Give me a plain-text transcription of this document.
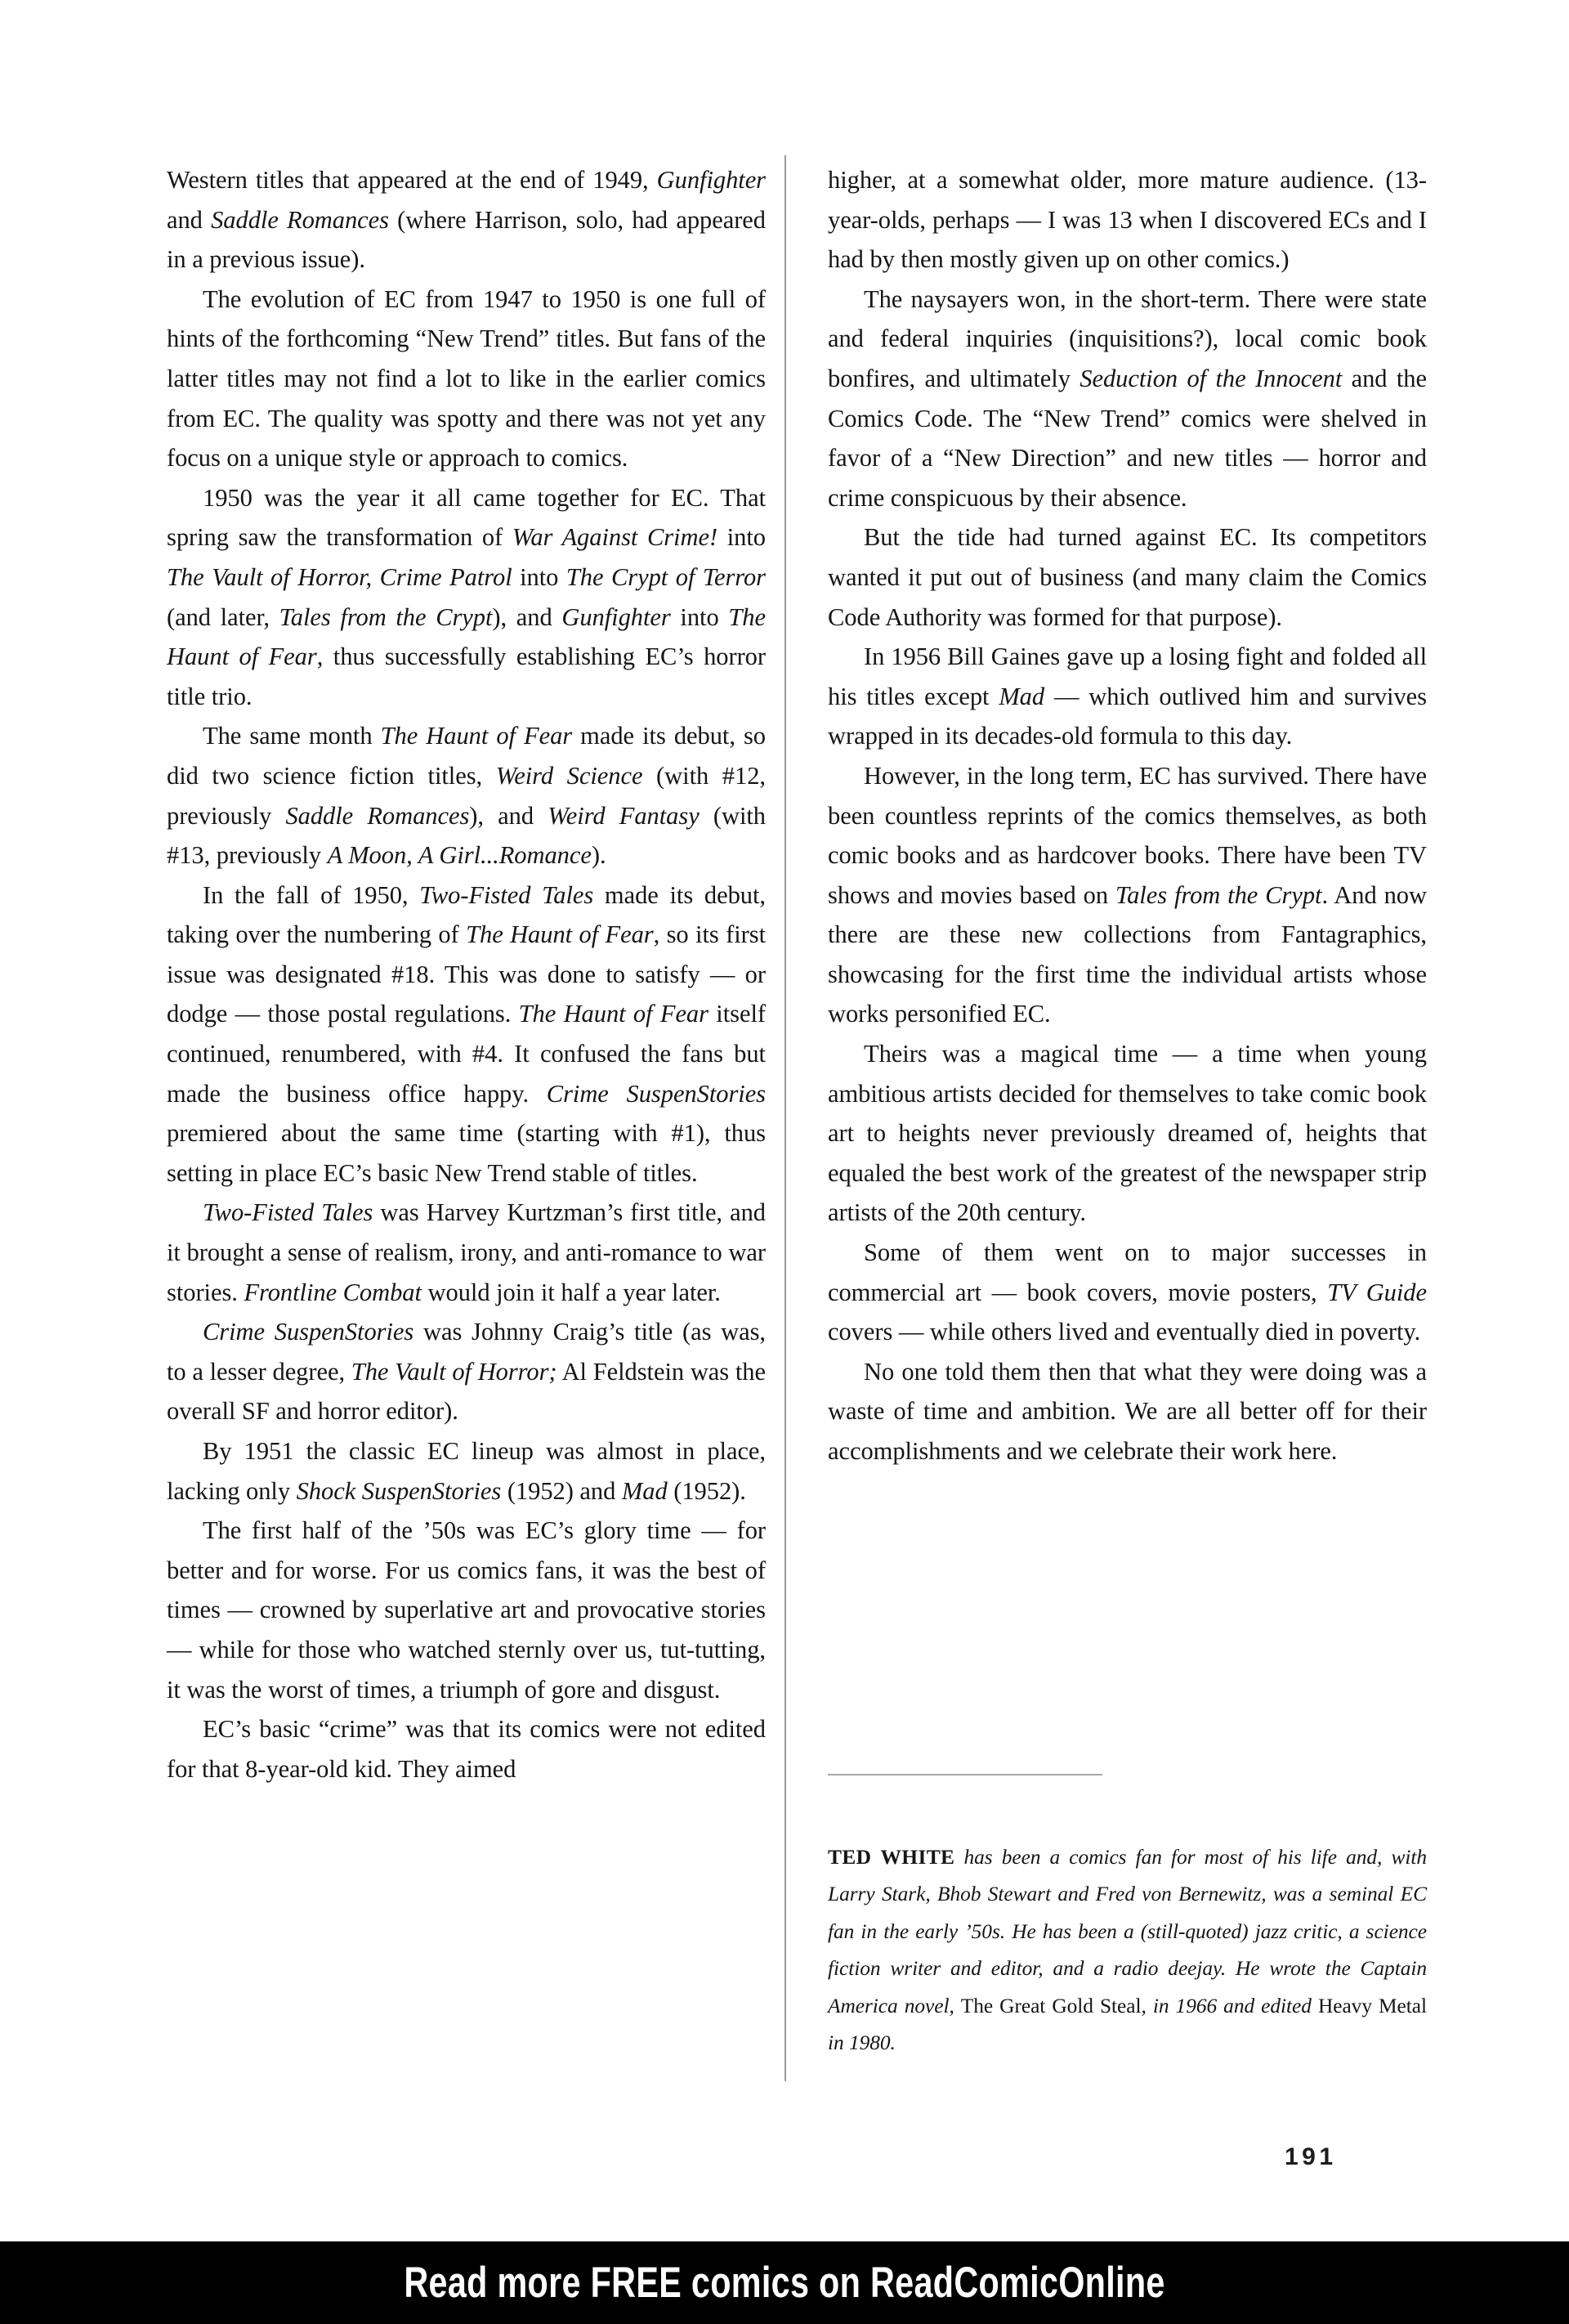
Western titles that appeared at the end of 1949, Gunfighter and Saddle Romances (where Harrison, solo, had appeared in a previous issue).

The evolution of EC from 1947 to 1950 is one full of hints of the forthcoming “New Trend” titles. But fans of the latter titles may not find a lot to like in the earlier comics from EC. The quality was spotty and there was not yet any focus on a unique style or approach to comics.

1950 was the year it all came together for EC. That spring saw the transformation of War Against Crime! into The Vault of Horror, Crime Patrol into The Crypt of Terror (and later, Tales from the Crypt), and Gunfighter into The Haunt of Fear, thus successfully establishing EC’s horror title trio.

The same month The Haunt of Fear made its debut, so did two science fiction titles, Weird Science (with #12, previously Saddle Romances), and Weird Fantasy (with #13, previously A Moon, A Girl...Romance).

In the fall of 1950, Two-Fisted Tales made its debut, taking over the numbering of The Haunt of Fear, so its first issue was designated #18. This was done to satisfy — or dodge — those postal regulations. The Haunt of Fear itself continued, renumbered, with #4. It confused the fans but made the business office happy. Crime SuspenStories premiered about the same time (starting with #1), thus setting in place EC’s basic New Trend stable of titles.

Two-Fisted Tales was Harvey Kurtzman’s first title, and it brought a sense of realism, irony, and anti-romance to war stories. Frontline Combat would join it half a year later.

Crime SuspenStories was Johnny Craig’s title (as was, to a lesser degree, The Vault of Horror; Al Feldstein was the overall SF and horror editor).

By 1951 the classic EC lineup was almost in place, lacking only Shock SuspenStories (1952) and Mad (1952).

The first half of the ’50s was EC’s glory time — for better and for worse. For us comics fans, it was the best of times — crowned by superlative art and provocative stories — while for those who watched sternly over us, tut-tutting, it was the worst of times, a triumph of gore and disgust.

EC’s basic “crime” was that its comics were not edited for that 8-year-old kid. They aimed

higher, at a somewhat older, more mature audience. (13-year-olds, perhaps — I was 13 when I discovered ECs and I had by then mostly given up on other comics.)

The naysayers won, in the short-term. There were state and federal inquiries (inquisitions?), local comic book bonfires, and ultimately Seduction of the Innocent and the Comics Code. The “New Trend” comics were shelved in favor of a “New Direction” and new titles — horror and crime conspicuous by their absence.

But the tide had turned against EC. Its competitors wanted it put out of business (and many claim the Comics Code Authority was formed for that purpose).

In 1956 Bill Gaines gave up a losing fight and folded all his titles except Mad — which outlived him and survives wrapped in its decades-old formula to this day.

However, in the long term, EC has survived. There have been countless reprints of the comics themselves, as both comic books and as hardcover books. There have been TV shows and movies based on Tales from the Crypt. And now there are these new collections from Fantagraphics, showcasing for the first time the individual artists whose works personified EC.

Theirs was a magical time — a time when young ambitious artists decided for themselves to take comic book art to heights never previously dreamed of, heights that equaled the best work of the greatest of the newspaper strip artists of the 20th century.

Some of them went on to major successes in commercial art — book covers, movie posters, TV Guide covers — while others lived and eventually died in poverty.

No one told them then that what they were doing was a waste of time and ambition. We are all better off for their accomplishments and we celebrate their work here.

TED WHITE has been a comics fan for most of his life and, with Larry Stark, Bhob Stewart and Fred von Bernewitz, was a seminal EC fan in the early ’50s. He has been a (still-quoted) jazz critic, a science fiction writer and editor, and a radio deejay. He wrote the Captain America novel, The Great Gold Steal, in 1966 and edited Heavy Metal in 1980.

191
Read more FREE comics on ReadComicOnline
